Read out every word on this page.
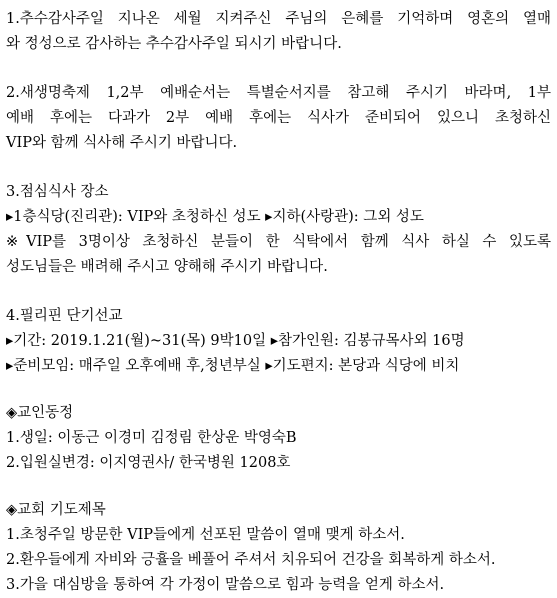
1.추수감사주일 지나온 세월 지켜주신 주님의 은혜를 기억하며 영혼의 열매
와 정성으로 감사하는 추수감사주일 되시기 바랍니다.
2.새생명축제 1,2부 예배순서는 특별순서지를 참고해 주시기 바라며, 1부
예배 후에는 다과가 2부 예배 후에는 식사가 준비되어 있으니 초청하신
VIP와 함께 식사해 주시기 바랍니다.
3.점심식사 장소
▸1층식당(진리관): VIP와 초청하신 성도 ▸지하(사랑관): 그외 성도
※VIP를 3명이상 초청하신 분들이 한 식탁에서 함께 식사 하실 수 있도록
성도님들은 배려해 주시고 양해해 주시기 바랍니다.
4.필리핀 단기선교
▸기간: 2019.1.21(월)~31(목) 9박10일 ▸참가인원: 김봉규목사외 16명
▸준비모임: 매주일 오후예배 후,청년부실 ▸기도편지: 본당과 식당에 비치
◈교인동정
1.생일: 이동근 이경미 김정림 한상운 박영숙B
2.입원실변경: 이지영권사/ 한국병원 1208호
◈교회 기도제목
1.초청주일 방문한 VIP들에게 선포된 말씀이 열매 맺게 하소서.
2.환우들에게 자비와 긍휼을 베풀어 주셔서 치유되어 건강을 회복하게 하소서.
3.가을 대심방을 통하여 각 가정이 말씀으로 힘과 능력을 얻게 하소서.
